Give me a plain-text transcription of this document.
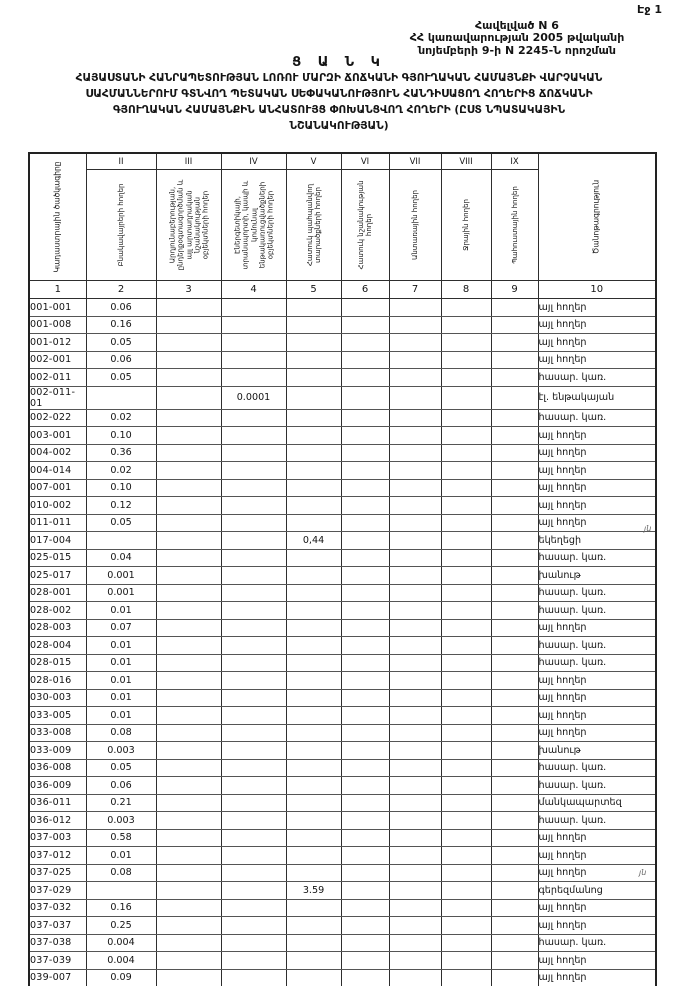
Էջ 1
Հավելված N 6
ՀՀ կառավարության 2005 թվականի
նոյեմբերի 9-ի N 2245-Ն որոշման
Ց Ա Ն Կ
ՀԱՅԱՍՏԱՆԻ ՀԱՆՐԱՊԵՏՈՒԹՅԱՆ ԼՈՌՈՒ ՄԱՐԶԻ ՃՈՃԿԱՆԻ ԳՅՈՒՂԱԿԱՆ ՀԱՄԱՅՆՔԻ ՎԱՐՉԱԿԱՆ
ՍԱՀՄԱՆՆԵՐՈՒՄ ԳՏՆՎՈՂ ՊԵՏԱԿԱՆ ՍԵՓԱԿԱՆՈՒԹՅՈՒՆ ՀԱՆԴԻՍԱՑՈՂ ՀՈՂԵՐԻՑ ՃՈՃԿԱՆԻ
ԳՅՈՒՂԱԿԱՆ ՀԱՄԱՅՆՔԻՆ ԱՆՀԱՏՈՒՅՑ ՓՈԽԱՆՑՎՈՂ ՀՈՂԵՐԻ (ԸՍՏ ՆՊԱՏԱԿԱՅԻՆ
ՆՇԱՆԱԿՈՒԹՅԱՆ)
Կադաստրային ծածկագիրը	II	III	IV	V	VI	VII	VIII	IX	Ծանոթագրություն

	Բնակավայրերի հողեր	Արդյունաբերության, ընդերքօգտագործման և այլ արտադրական նշանակության օբյեկտների հողեր	Էներգետիկայի, տրանսպորտի, կապի և կոմունալ ենթակառուցվածքների օբյեկտների հողեր	Հատուկ պահպանվող տարածքների հողեր	Հատուկ նշանակության հողեր	Անտառային հողեր	Ջրային հողեր	Պահուստային հողեր	

1	2	3	4	5	6	7	8	9	10
001-001	0.06								այլ հողեր
001-008	0.16								այլ հողեր
001-012	0.05								այլ հողեր
002-001	0.06								այլ հողեր
002-011	0.05								հասար. կառ.
002-011-01			0.0001						էլ. ենթակայան
002-022	0.02								հասար. կառ.
003-001	0.10								այլ հողեր
004-002	0.36								այլ հողեր
004-014	0.02								այլ հողեր
007-001	0.10								այլ հողեր
010-002	0.12								այլ հողեր
011-011	0.05								այլ հողեր
017-004				0,44					եկեղեցի
025-015	0.04								հասար. կառ.
025-017	0.001								խանութ
028-001	0.001								հասար. կառ.
028-002	0.01								հասար. կառ.
028-003	0.07								այլ հողեր
028-004	0.01								հասար. կառ.
028-015	0.01								հասար. կառ.
028-016	0.01								այլ հողեր
030-003	0.01								այլ հողեր
033-005	0.01								այլ հողեր
033-008	0.08								այլ հողեր
033-009	0.003								խանութ
036-008	0.05								հասար. կառ.
036-009	0.06								հասար. կառ.
036-011	0.21								մանկապարտեզ
036-012	0.003								հասար. կառ.
037-003	0.58								այլ հողեր
037-012	0.01								այլ հողեր
037-025	0.08								այլ հողեր
037-029				3.59					գերեզմանոց
037-032	0.16								այլ հողեր
037-037	0.25								այլ հողեր
037-038	0.004								հասար. կառ.
037-039	0.004								այլ հողեր
039-007	0.09								այլ հողեր
յն
յն
